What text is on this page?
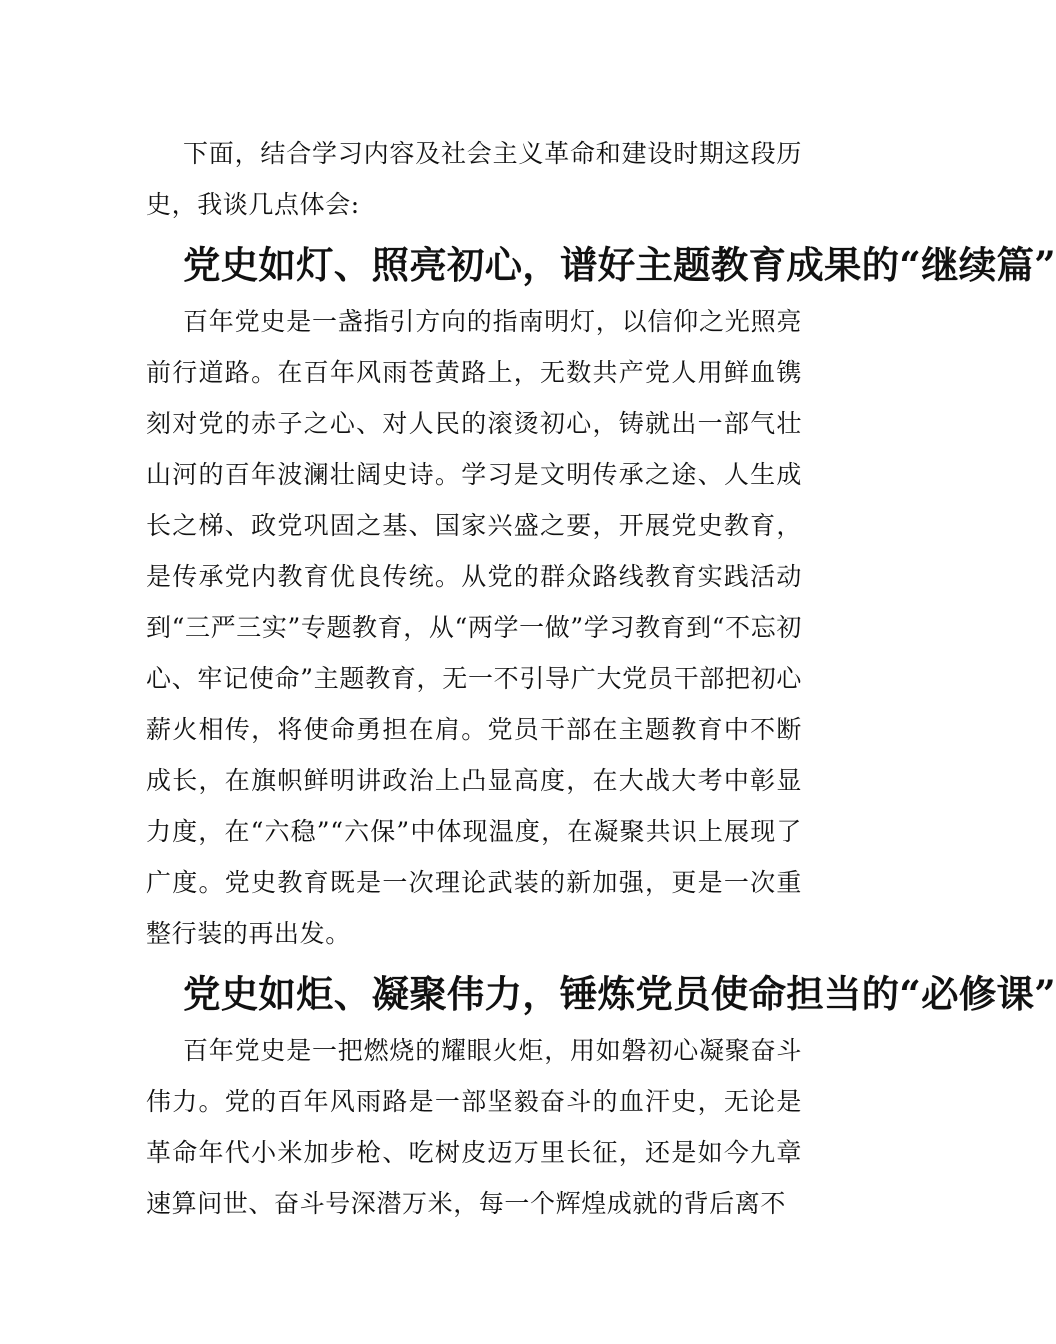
下面，结合学习内容及社会主义革命和建设时期这段历史，我谈几点体会:

党史如灯、照亮初心，谱好主题教育成果的“继续篇”

百年党史是一盏指引方向的指南明灯，以信仰之光照亮前行道路。在百年风雨苍黄路上，无数共产党人用鲜血镌刻对党的赤子之心、对人民的滚烫初心，铸就出一部气壮山河的百年波澜壮阔史诗。学习是文明传承之途、人生成长之梯、政党巩固之基、国家兴盛之要，开展党史教育，是传承党内教育优良传统。从党的群众路线教育实践活动到“三严三实”专题教育，从“两学一做”学习教育到“不忘初心、牢记使命”主题教育，无一不引导广大党员干部把初心薪火相传，将使命勇担在肩。党员干部在主题教育中不断成长，在旗帜鲜明讲政治上凸显高度，在大战大考中彰显力度，在“六稳”“六保”中体现温度，在凝聚共识上展现了广度。党史教育既是一次理论武装的新加强，更是一次重整行装的再出发。

党史如炬、凝聚伟力，锤炼党员使命担当的“必修课”

百年党史是一把燃烧的耀眼火炬，用如磐初心凝聚奋斗伟力。党的百年风雨路是一部坚毅奋斗的血汗史，无论是革命年代小米加步枪、吃树皮迈万里长征，还是如今九章速算问世、奋斗号深潜万米，每一个辉煌成就的背后离不
